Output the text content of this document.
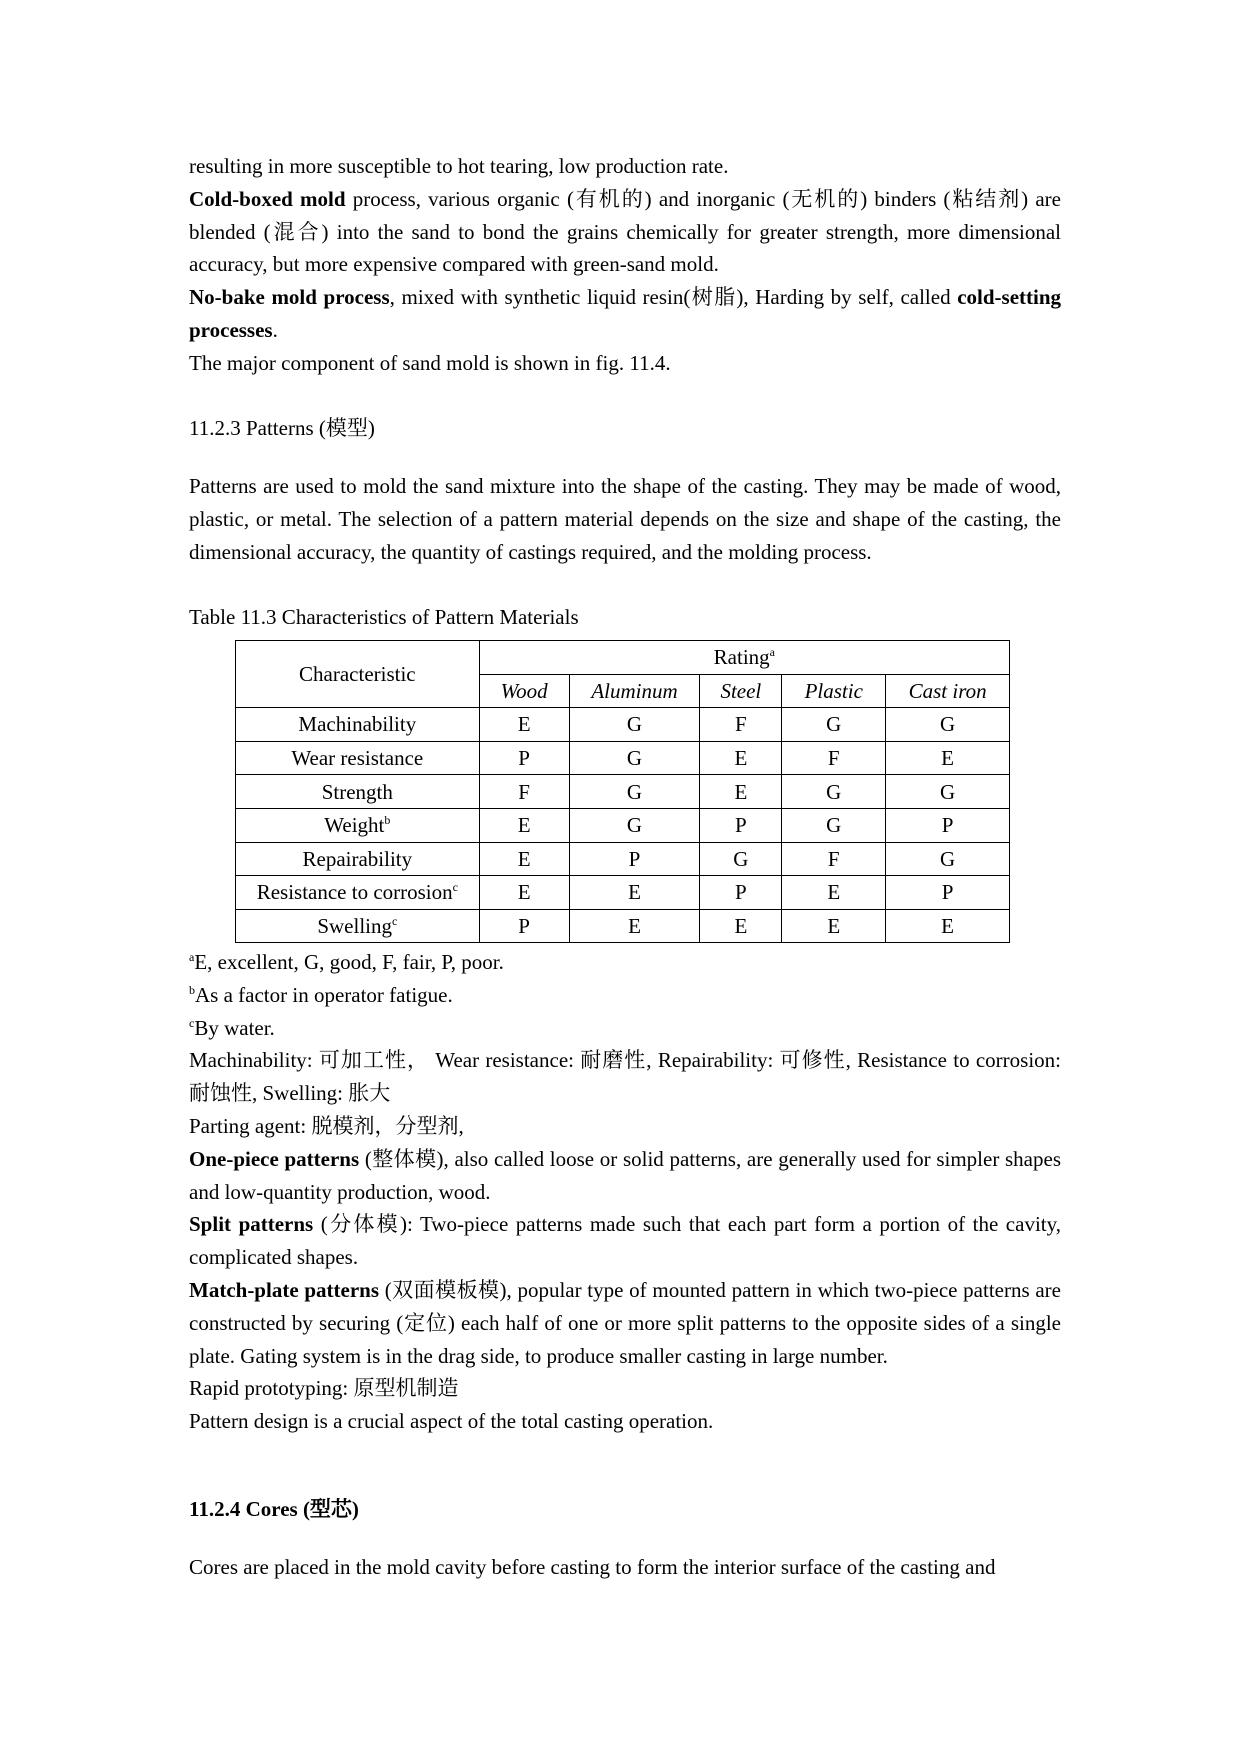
resulting in more susceptible to hot tearing, low production rate.

Cold-boxed mold process, various organic (有机的) and inorganic (无机的) binders (粘结剂) are blended (混合) into the sand to bond the grains chemically for greater strength, more dimensional accuracy, but more expensive compared with green-sand mold.

No-bake mold process, mixed with synthetic liquid resin(树脂), Harding by self, called cold-setting processes.

The major component of sand mold is shown in fig. 11.4.

11.2.3 Patterns (模型)

Patterns are used to mold the sand mixture into the shape of the casting. They may be made of wood, plastic, or metal. The selection of a pattern material depends on the size and shape of the casting, the dimensional accuracy, the quantity of castings required, and the molding process.

Table 11.3 Characteristics of Pattern Materials

Characteristic	Rating$^a$
	Wood	Aluminum	Steel	Plastic	Cast iron
Machinability	E	G	F	G	G
Wear resistance	P	G	E	F	E
Strength	F	G	E	G	G
Weight$^b$	E	G	P	G	P
Repairability	E	P	G	F	G
Resistance to corrosion$^c$	E	E	P	E	P
Swelling$^c$	P	E	E	E	E

$^a$E, excellent, G, good, F, fair, P, poor.

$^b$As a factor in operator fatigue.

$^c$By water.

Machinability: 可加工性， Wear resistance: 耐磨性, Repairability: 可修性, Resistance to corrosion: 耐蚀性, Swelling: 胀大

Parting agent: 脱模剂，分型剂,

One-piece patterns (整体模), also called loose or solid patterns, are generally used for simpler shapes and low-quantity production, wood.

Split patterns (分体模): Two-piece patterns made such that each part form a portion of the cavity, complicated shapes.

Match-plate patterns (双面模板模), popular type of mounted pattern in which two-piece patterns are constructed by securing (定位) each half of one or more split patterns to the opposite sides of a single plate. Gating system is in the drag side, to produce smaller casting in large number.

Rapid prototyping: 原型机制造

Pattern design is a crucial aspect of the total casting operation.

11.2.4 Cores (型芯)

Cores are placed in the mold cavity before casting to form the interior surface of the casting and
